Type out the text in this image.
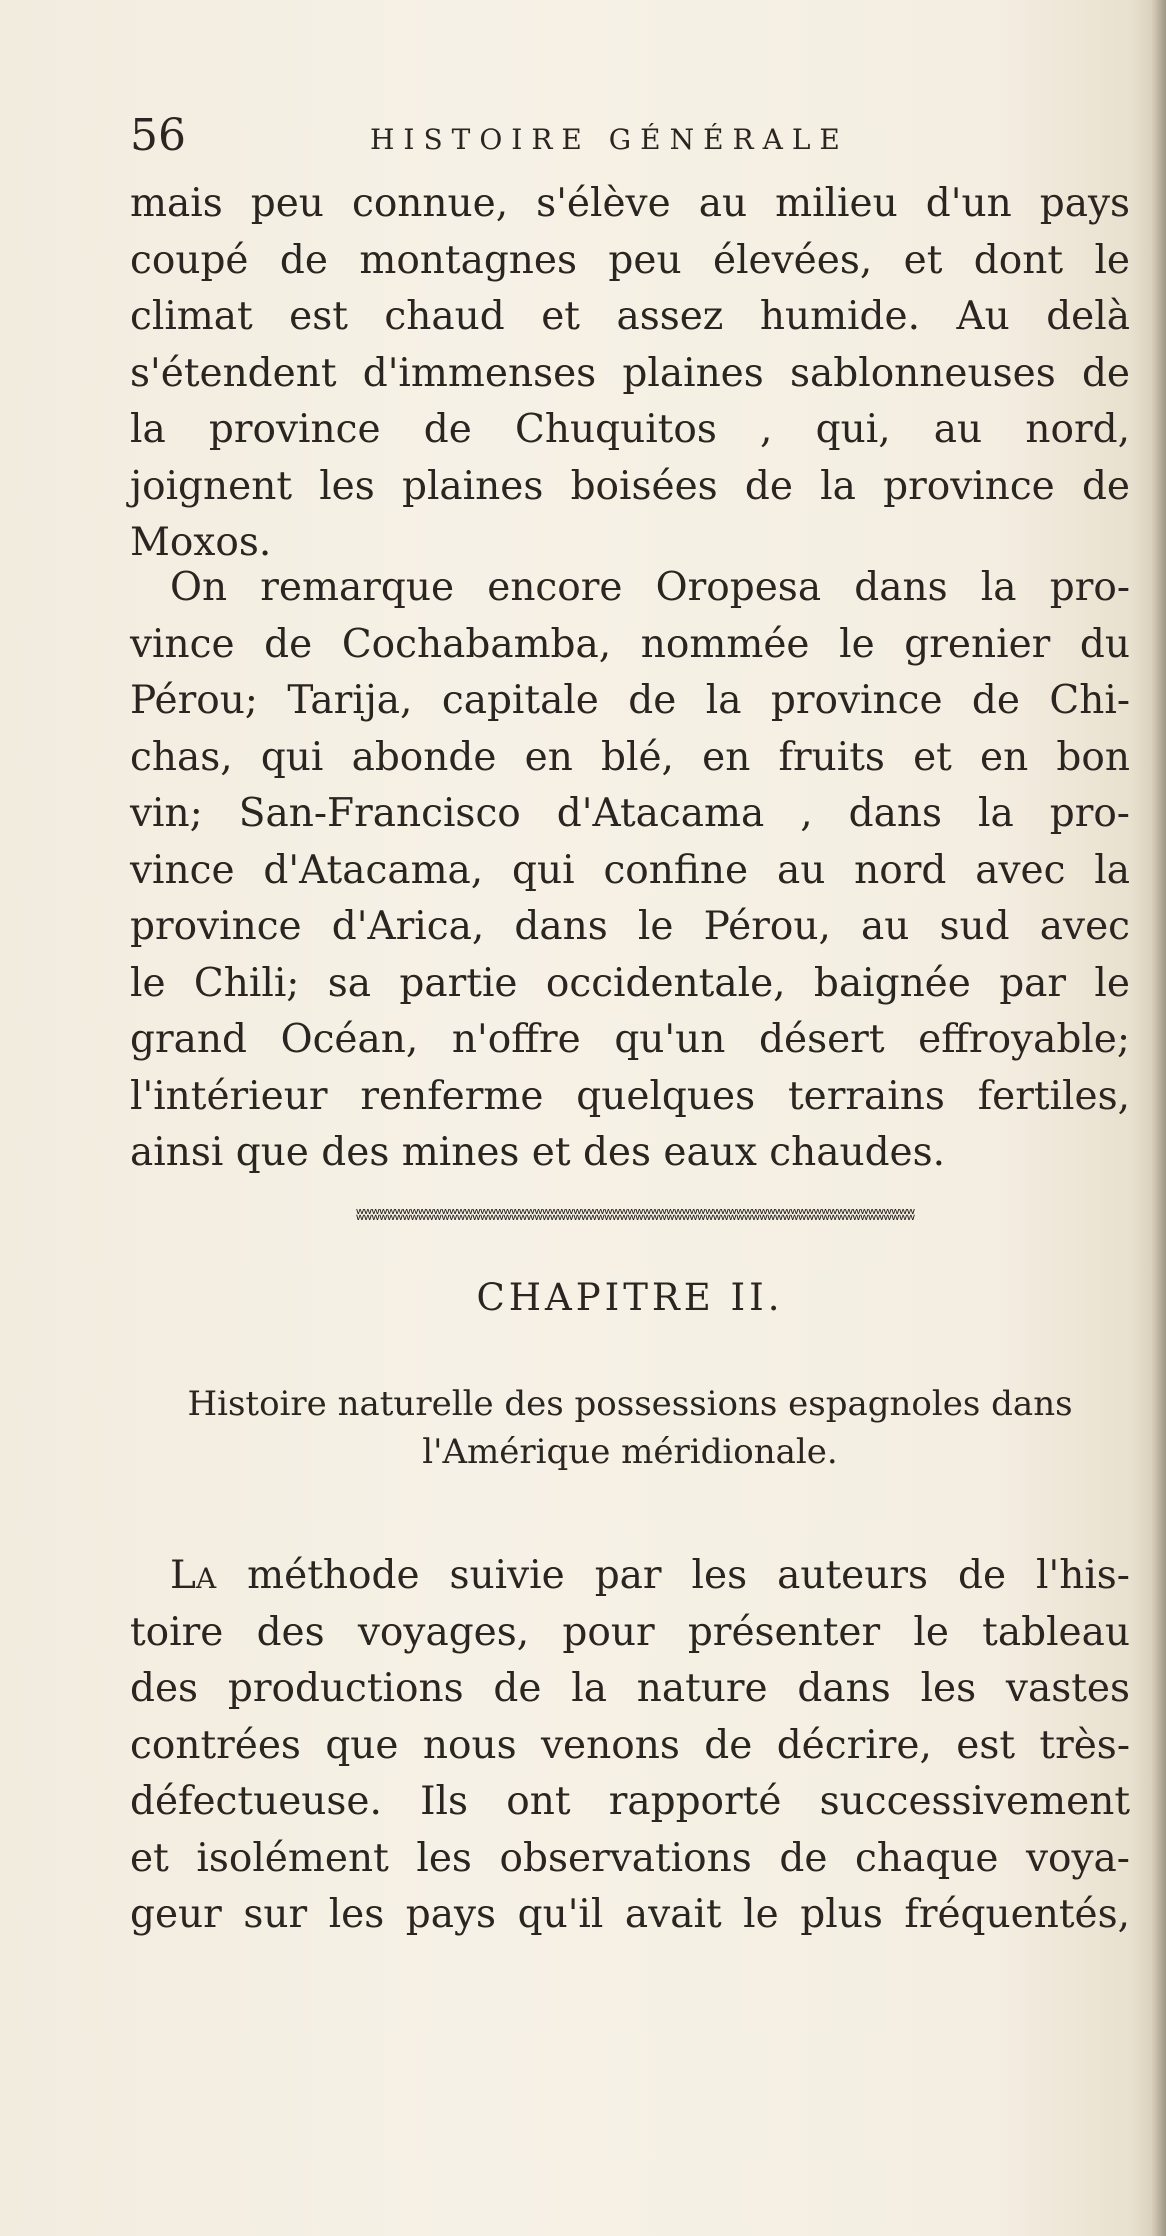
56	HISTOIRE GÉNÉRALE
mais peu connue, s'élève au milieu d'un pays
coupé de montagnes peu élevées, et dont le
climat est chaud et assez humide. Au delà
s'étendent d'immenses plaines sablonneuses de
la province de Chuquitos , qui, au nord,
joignent les plaines boisées de la province de
Moxos.
On remarque encore Oropesa dans la pro-
vince de Cochabamba, nommée le grenier du
Pérou; Tarija, capitale de la province de Chi-
chas, qui abonde en blé, en fruits et en bon
vin; San-Francisco d'Atacama , dans la pro-
vince d'Atacama, qui confine au nord avec la
province d'Arica, dans le Pérou, au sud avec
le Chili; sa partie occidentale, baignée par le
grand Océan, n'offre qu'un désert effroyable;
l'intérieur renferme quelques terrains fertiles,
ainsi que des mines et des eaux chaudes.
ʬʬʬʬʬʬʬʬʬʬʬʬʬʬʬʬʬʬʬʬʬʬʬʬʬʬʬʬʬʬʬʬʬʬʬʬʬʬʬʬʬʬʬʬʬʬʬʬʬʬʬʬʬʬʬʬʬʬʬʬʬʬʬʬʬʬʬʬʬʬʬʬ
CHAPITRE II.
Histoire naturelle des possessions espagnoles dans
l'Amérique méridionale.
LA méthode suivie par les auteurs de l'his-
toire des voyages, pour présenter le tableau
des productions de la nature dans les vastes
contrées que nous venons de décrire, est très-
défectueuse. Ils ont rapporté successivement
et isolément les observations de chaque voya-
geur sur les pays qu'il avait le plus fréquentés,
